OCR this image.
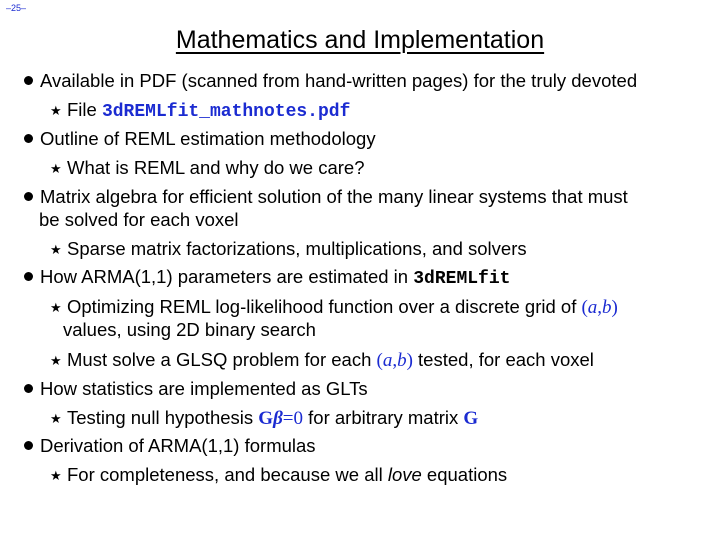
–25–
Mathematics and Implementation
Available in PDF (scanned from hand-written pages) for the truly devoted
★ File 3dREMLfit_mathnotes.pdf
Outline of REML estimation methodology
★ What is REML and why do we care?
Matrix algebra for efficient solution of the many linear systems that must
be solved for each voxel
★ Sparse matrix factorizations, multiplications, and solvers
How ARMA(1,1) parameters are estimated in 3dREMLfit
★ Optimizing REML log-likelihood function over a discrete grid of (a,b)
values, using 2D binary search
★ Must solve a GLSQ problem for each (a,b) tested, for each voxel
How statistics are implemented as GLTs
★ Testing null hypothesis Gβ=0 for arbitrary matrix G
Derivation of ARMA(1,1) formulas
★ For completeness, and because we all love equations
